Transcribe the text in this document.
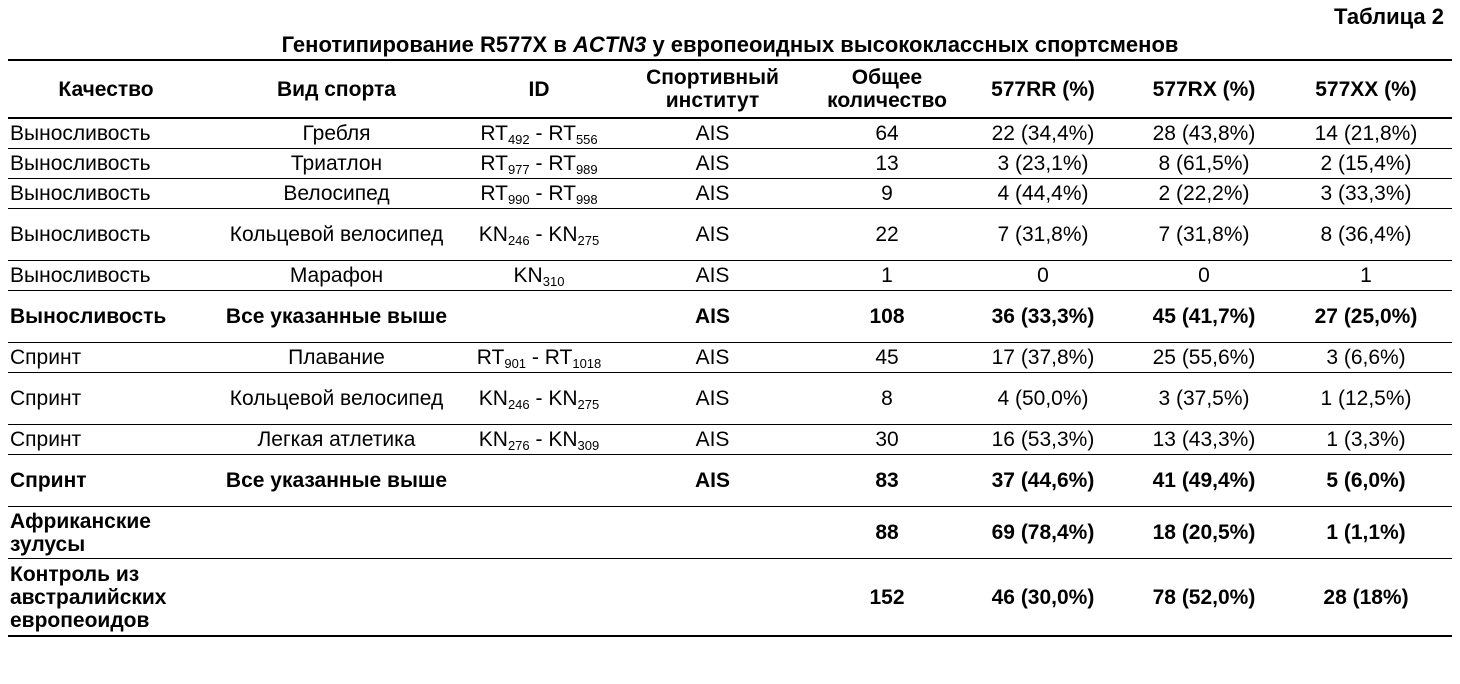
Таблица 2
Генотипирование R577X в ACTN3 у европеоидных высококлассных спортсменов
Качество	Вид спорта	ID	Спортивный институт	Общее количество	577RR (%)	577RX (%)	577XX (%)
Выносливость	Гребля	$RT_{492} - RT_{556}$	AIS	64	22 (34,4%)	28 (43,8%)	14 (21,8%)
Выносливость	Триатлон	$RT_{977} - RT_{989}$	AIS	13	3 (23,1%)	8 (61,5%)	2 (15,4%)
Выносливость	Велосипед	$RT_{990} - RT_{998}$	AIS	9	4 (44,4%)	2 (22,2%)	3 (33,3%)
Выносливость	Кольцевой велосипед	$KN_{246} - KN_{275}$	AIS	22	7 (31,8%)	7 (31,8%)	8 (36,4%)
Выносливость	Марафон	$KN_{310}$	AIS	1	0	0	1
Выносливость	Все указанные выше		AIS	108	36 (33,3%)	45 (41,7%)	27 (25,0%)
Спринт	Плавание	$RT_{901} - RT_{1018}$	AIS	45	17 (37,8%)	25 (55,6%)	3 (6,6%)
Спринт	Кольцевой велосипед	$KN_{246} - KN_{275}$	AIS	8	4 (50,0%)	3 (37,5%)	1 (12,5%)
Спринт	Легкая атлетика	$KN_{276} - KN_{309}$	AIS	30	16 (53,3%)	13 (43,3%)	1 (3,3%)
Спринт	Все указанные выше		AIS	83	37 (44,6%)	41 (49,4%)	5 (6,0%)
Африканские зулусы				88	69 (78,4%)	18 (20,5%)	1 (1,1%)
Контроль из австралийских европеоидов				152	46 (30,0%)	78 (52,0%)	28 (18%)
